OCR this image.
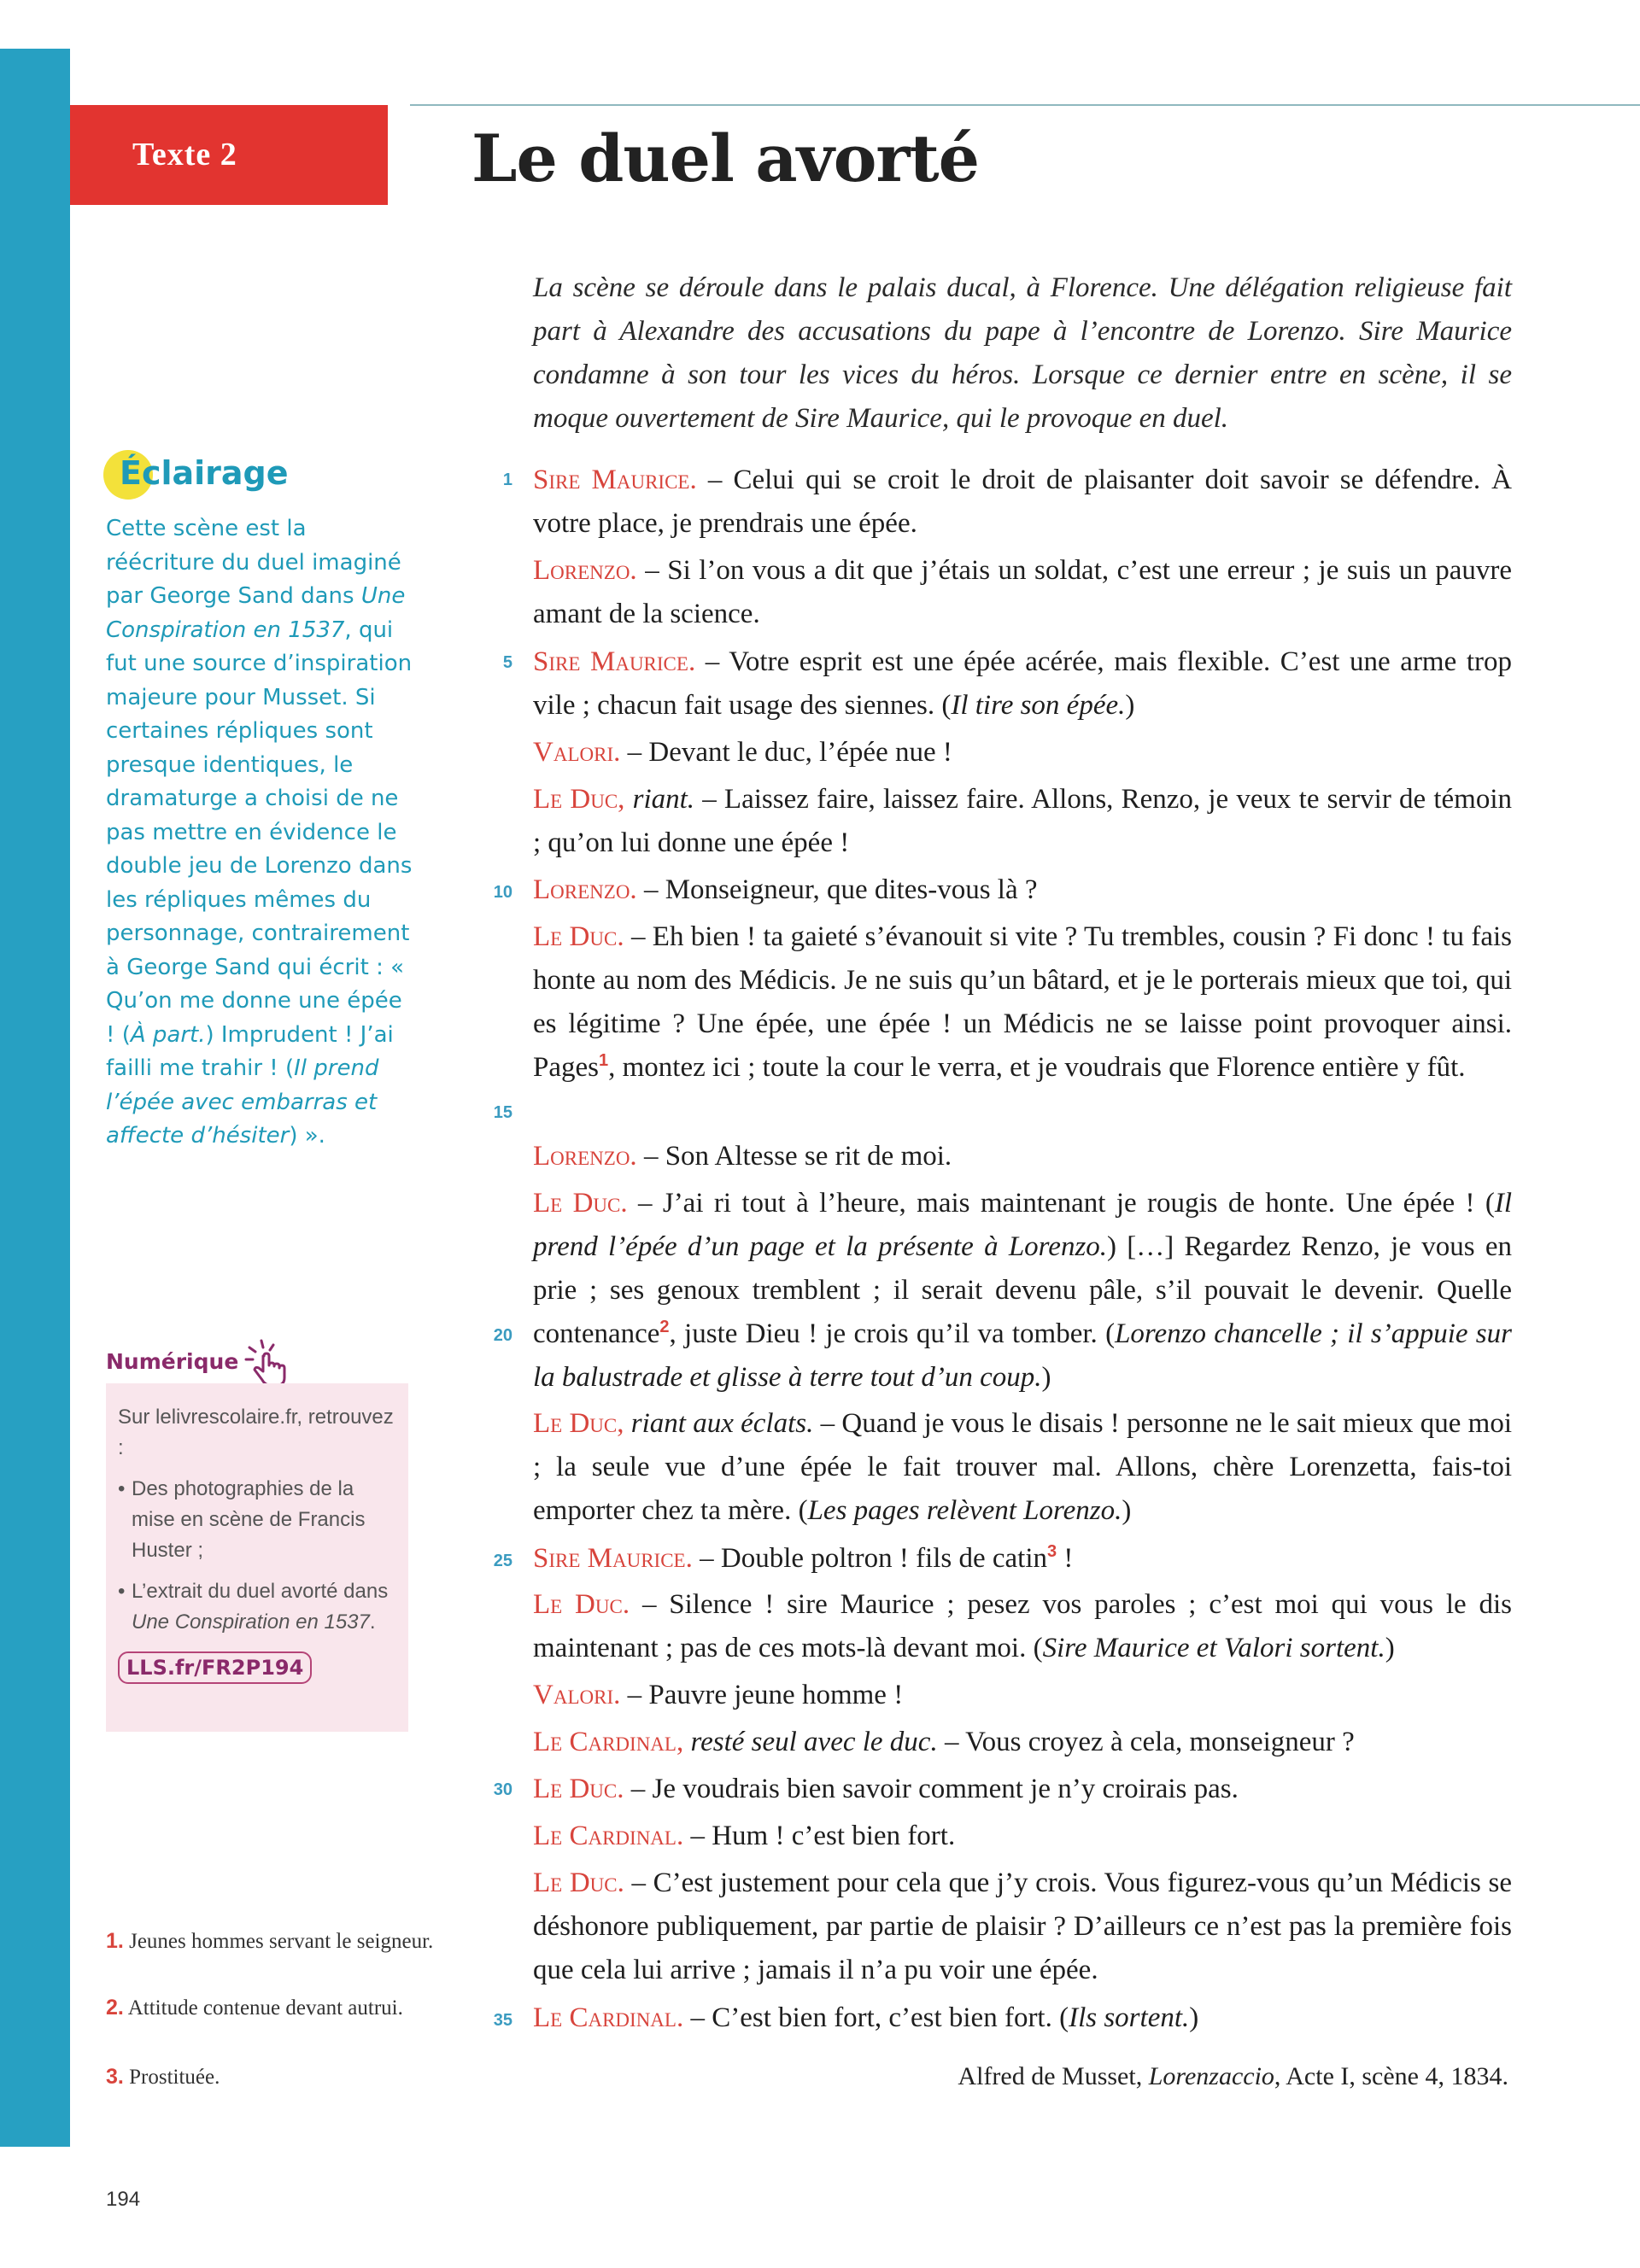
Texte 2	Le duel avorté

La scène se déroule dans le palais ducal, à Florence. Une délégation religieuse fait part à Alexandre des accusations du pape à l’encontre de Lorenzo. Sire Maurice condamne à son tour les vices du héros. Lorsque ce dernier entre en scène, il se moque ouvertement de Sire Maurice, qui le provoque en duel.

1
5
10
15
20
25
30
35

Sire Maurice. – Celui qui se croit le droit de plaisanter doit savoir se défendre. À votre place, je prendrais une épée.

Lorenzo. – Si l’on vous a dit que j’étais un soldat, c’est une erreur ; je suis un pauvre amant de la science.

Sire Maurice. – Votre esprit est une épée acérée, mais flexible. C’est une arme trop vile ; chacun fait usage des siennes. (Il tire son épée.)

Valori. – Devant le duc, l’épée nue !

Le Duc, riant. – Laissez faire, laissez faire. Allons, Renzo, je veux te servir de témoin ; qu’on lui donne une épée !

Lorenzo. – Monseigneur, que dites-vous là ?

Le Duc. – Eh bien ! ta gaieté s’évanouit si vite ? Tu trembles, cousin ? Fi donc ! tu fais honte au nom des Médicis. Je ne suis qu’un bâtard, et je le porterais mieux que toi, qui es légitime ? Une épée, une épée ! un Médicis ne se laisse point provoquer ainsi. Pages$^1$, montez ici ; toute la cour le verra, et je voudrais que Florence entière y fût.

Lorenzo. – Son Altesse se rit de moi.

Le Duc. – J’ai ri tout à l’heure, mais maintenant je rougis de honte. Une épée ! (Il prend l’épée d’un page et la présente à Lorenzo.) […] Regardez Renzo, je vous en prie ; ses genoux tremblent ; il serait devenu pâle, s’il pouvait le devenir. Quelle contenance$^2$, juste Dieu ! je crois qu’il va tomber. (Lorenzo chancelle ; il s’appuie sur la balustrade et glisse à terre tout d’un coup.)

Le Duc, riant aux éclats. – Quand je vous le disais ! personne ne le sait mieux que moi ; la seule vue d’une épée le fait trouver mal. Allons, chère Lorenzetta, fais-toi emporter chez ta mère. (Les pages relèvent Lorenzo.)

Sire Maurice. – Double poltron ! fils de catin$^3$ !

Le Duc. – Silence ! sire Maurice ; pesez vos paroles ; c’est moi qui vous le dis maintenant ; pas de ces mots-là devant moi. (Sire Maurice et Valori sortent.)

Valori. – Pauvre jeune homme !

Le Cardinal, resté seul avec le duc. – Vous croyez à cela, monseigneur ?

Le Duc. – Je voudrais bien savoir comment je n’y croirais pas.

Le Cardinal. – Hum ! c’est bien fort.

Le Duc. – C’est justement pour cela que j’y crois. Vous figurez-vous qu’un Médicis se déshonore publiquement, par partie de plaisir ? D’ailleurs ce n’est pas la première fois que cela lui arrive ; jamais il n’a pu voir une épée.

Le Cardinal. – C’est bien fort, c’est bien fort. (Ils sortent.)

Alfred de Musset, Lorenzaccio, Acte I, scène 4, 1834.

Éclairage

Cette scène est la réécriture du duel imaginé par George Sand dans Une Conspiration en 1537, qui fut une source d’inspiration majeure pour Musset. Si certaines répliques sont presque identiques, le dramaturge a choisi de ne pas mettre en évidence le double jeu de Lorenzo dans les répliques mêmes du personnage, contrairement à George Sand qui écrit : « Qu’on me donne une épée ! (À part.) Imprudent ! J’ai failli me trahir ! (Il prend l’épée avec embarras et affecte d’hésiter) ».

Numérique

Sur lelivrescolaire.fr, retrouvez :

• Des photographies de la mise en scène de Francis Huster ;
• L’extrait du duel avorté dans Une Conspiration en 1537.
LLS.fr/FR2P194

1. Jeunes hommes servant le seigneur.

2. Attitude contenue devant autrui.

3. Prostituée.

194
